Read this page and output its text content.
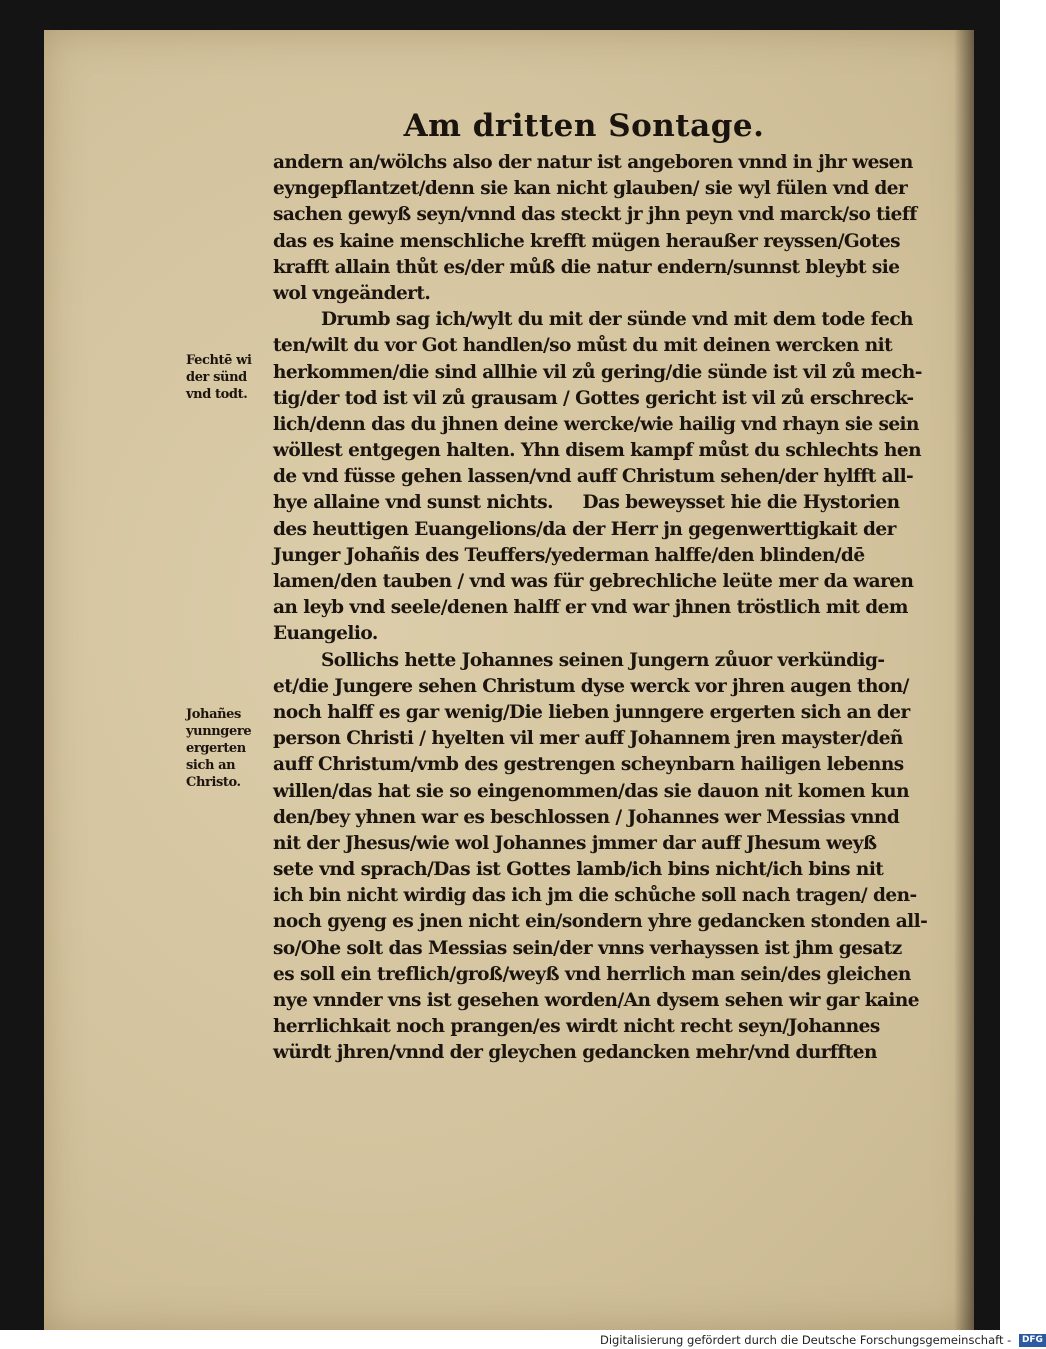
Am dritten Sontage.
andern an/wölchs also der natur ist angeboren vnnd in jhr wesen
eyngepflantzet/denn sie kan nicht glauben/ sie wyl fülen vnd der
sachen gewyß seyn/vnnd das steckt jr jhn peyn vnd marck/so tieff
das es kaine menschliche krefft mügen heraußer reyssen/Gotes
krafft allain thůt es/der můß die natur endern/sunnst bleybt sie
wol vngeändert.
Drumb sag ich/wylt du mit der sünde vnd mit dem tode fech
ten/wilt du vor Got handlen/so můst du mit deinen wercken nit
herkommen/die sind allhie vil zů gering/die sünde ist vil zů mech-
tig/der tod ist vil zů grausam / Gottes gericht ist vil zů erschreck-
lich/denn das du jhnen deine wercke/wie hailig vnd rhayn sie sein
wöllest entgegen halten. Yhn disem kampf můst du schlechts hen
de vnd füsse gehen lassen/vnd auff Christum sehen/der hylfft all-
hye allaine vnd sunst nichts.     Das beweysset hie die Hystorien
des heuttigen Euangelions/da der Herr jn gegenwerttigkait der
Junger Johañis des Teuffers/yederman halffe/den blinden/dē
lamen/den tauben / vnd was für gebrechliche leüte mer da waren
an leyb vnd seele/denen halff er vnd war jhnen tröstlich mit dem
Euangelio.
Sollichs hette Johannes seinen Jungern zůuor verkündig-
et/die Jungere sehen Christum dyse werck vor jhren augen thon/
noch halff es gar wenig/Die lieben junngere ergerten sich an der
person Christi / hyelten vil mer auff Johannem jren mayster/deñ
auff Christum/vmb des gestrengen scheynbarn hailigen lebenns
willen/das hat sie so eingenommen/das sie dauon nit komen kun
den/bey yhnen war es beschlossen / Johannes wer Messias vnnd
nit der Jhesus/wie wol Johannes jmmer dar auff Jhesum weyß
sete vnd sprach/Das ist Gottes lamb/ich bins nicht/ich bins nit
ich bin nicht wirdig das ich jm die schůche soll nach tragen/ den-
noch gyeng es jnen nicht ein/sondern yhre gedancken stonden all-
so/Ohe solt das Messias sein/der vnns verhayssen ist jhm gesatz
es soll ein treflich/groß/weyß vnd herrlich man sein/des gleichen
nye vnnder vns ist gesehen worden/An dysem sehen wir gar kaine
herrlichkait noch prangen/es wirdt nicht recht seyn/Johannes
würdt jhren/vnnd der gleychen gedancken mehr/vnd durfften
Fechtē wi
der sünd
vnd todt.
Johañes
yunngere
ergerten
sich an
Christo.
Digitalisierung gefördert durch die Deutsche Forschungsgemeinschaft - DFG
